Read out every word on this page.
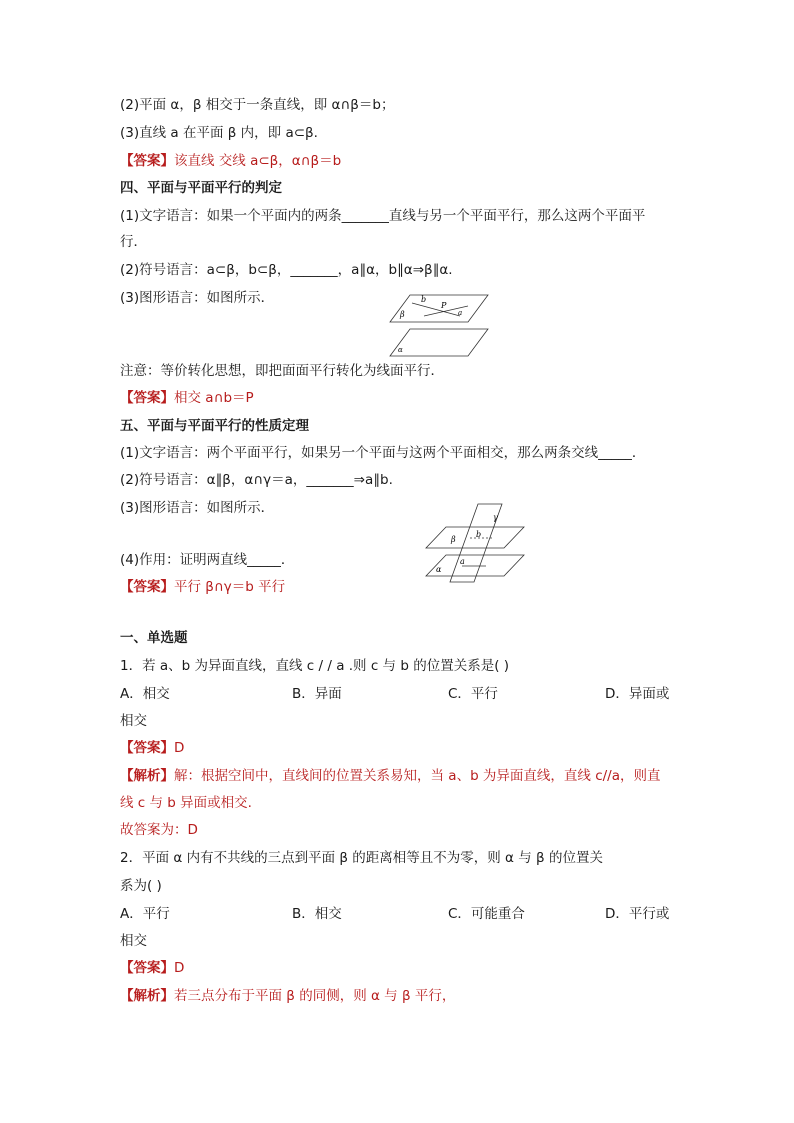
(2)平面 α，β 相交于一条直线，即 α∩β＝b；
(3)直线 a 在平面 β 内，即 a⊂β.
【答案】该直线 交线 a⊂β，α∩β＝b
四、平面与平面平行的判定
(1)文字语言：如果一个平面内的两条_______直线与另一个平面平行，那么这两个平面平
行．
(2)符号语言：a⊂β，b⊂β，_______，a∥α，b∥α⇒β∥α.
(3)图形语言：如图所示．	b
P
a
β
α
注意：等价转化思想，即把面面平行转化为线面平行．
【答案】相交 a∩b＝P
五、平面与平面平行的性质定理
(1)文字语言：两个平面平行，如果另一个平面与这两个平面相交，那么两条交线_____．
(2)符号语言：α∥β，α∩γ＝a，_______⇒a∥b.
(3)图形语言：如图所示．
γ
β
b
α
a
(4)作用：证明两直线_____．
【答案】平行 β∩γ＝b 平行
一、单选题
1．若 a、b 为异面直线，直线 c / / a .则 c 与 b 的位置关系是( )
A．相交	B．异面	C．平行	D．异面或
相交
【答案】D
【解析】解：根据空间中，直线间的位置关系易知，当 a、b 为异面直线，直线 c//a，则直
线 c 与 b 异面或相交.
故答案为：D
2．平面 α 内有不共线的三点到平面 β 的距离相等且不为零，则 α 与 β 的位置关
系为( )
A．平行	B．相交	C．可能重合	D．平行或
相交
【答案】D
【解析】若三点分布于平面 β 的同侧，则 α 与 β 平行，
